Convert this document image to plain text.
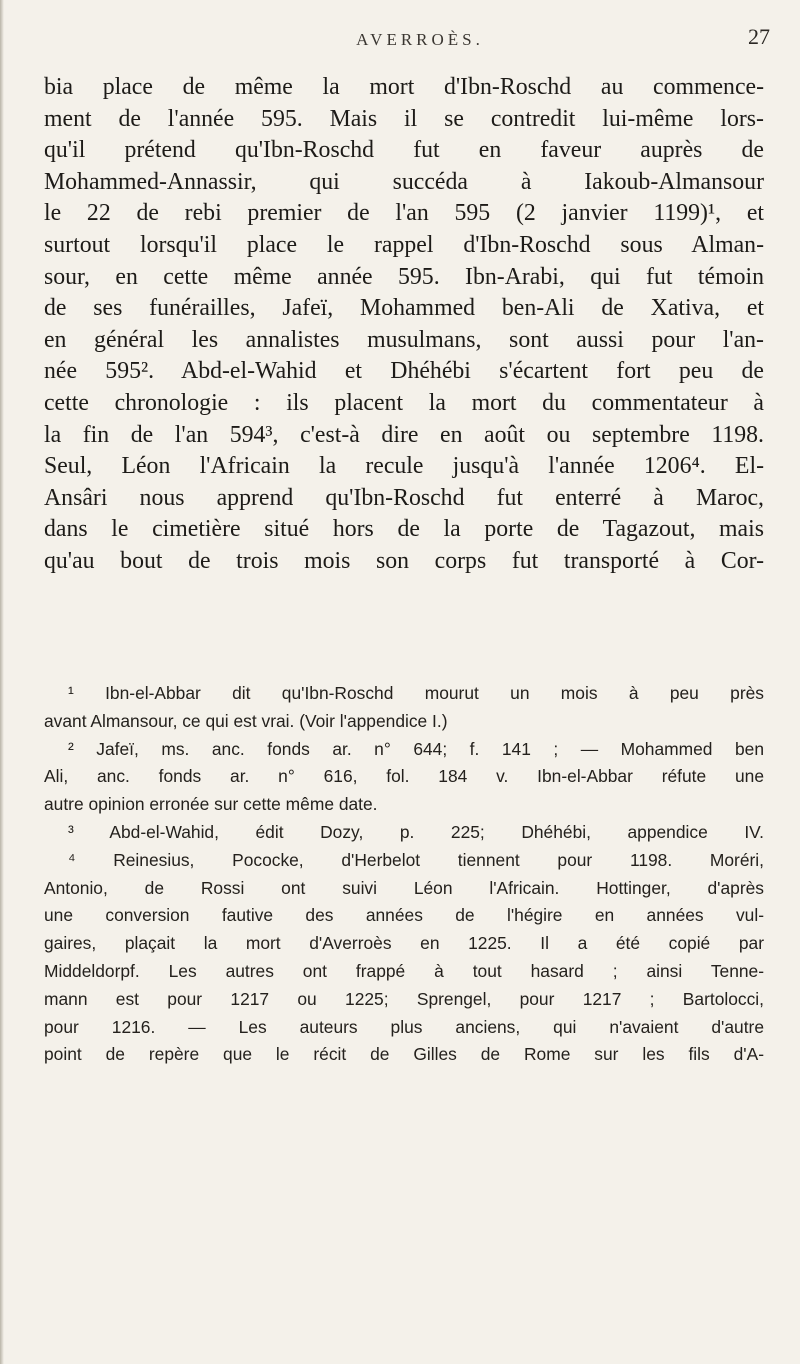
AVERROÈS.	27
bia place de même la mort d'Ibn-Roschd au commence-
ment de l'année 595. Mais il se contredit lui-même lors-
qu'il prétend qu'Ibn-Roschd fut en faveur auprès de
Mohammed-Annassir, qui succéda à Iakoub-Almansour
le 22 de rebi premier de l'an 595 (2 janvier 1199)¹, et
surtout lorsqu'il place le rappel d'Ibn-Roschd sous Alman-
sour, en cette même année 595. Ibn-Arabi, qui fut témoin
de ses funérailles, Jafeï, Mohammed ben-Ali de Xativa, et
en général les annalistes musulmans, sont aussi pour l'an-
née 595². Abd-el-Wahid et Dhéhébi s'écartent fort peu de
cette chronologie : ils placent la mort du commentateur à
la fin de l'an 594³, c'est-à dire en août ou septembre 1198.
Seul, Léon l'Africain la recule jusqu'à l'année 1206⁴. El-
Ansâri nous apprend qu'Ibn-Roschd fut enterré à Maroc,
dans le cimetière situé hors de la porte de Tagazout, mais
qu'au bout de trois mois son corps fut transporté à Cor-
¹ Ibn-el-Abbar dit qu'Ibn-Roschd mourut un mois à peu près
avant Almansour, ce qui est vrai. (Voir l'appendice I.)
² Jafeï, ms. anc. fonds ar. n° 644; f. 141 ; — Mohammed ben
Ali, anc. fonds ar. n° 616, fol. 184 v. Ibn-el-Abbar réfute une
autre opinion erronée sur cette même date.
³ Abd-el-Wahid, édit Dozy, p. 225; Dhéhébi, appendice IV.
⁴ Reinesius, Pococke, d'Herbelot tiennent pour 1198. Moréri,
Antonio, de Rossi ont suivi Léon l'Africain. Hottinger, d'après
une conversion fautive des années de l'hégire en années vul-
gaires, plaçait la mort d'Averroès en 1225. Il a été copié par
Middeldorpf. Les autres ont frappé à tout hasard ; ainsi Tenne-
mann est pour 1217 ou 1225; Sprengel, pour 1217 ; Bartolocci,
pour 1216. — Les auteurs plus anciens, qui n'avaient d'autre
point de repère que le récit de Gilles de Rome sur les fils d'A-
